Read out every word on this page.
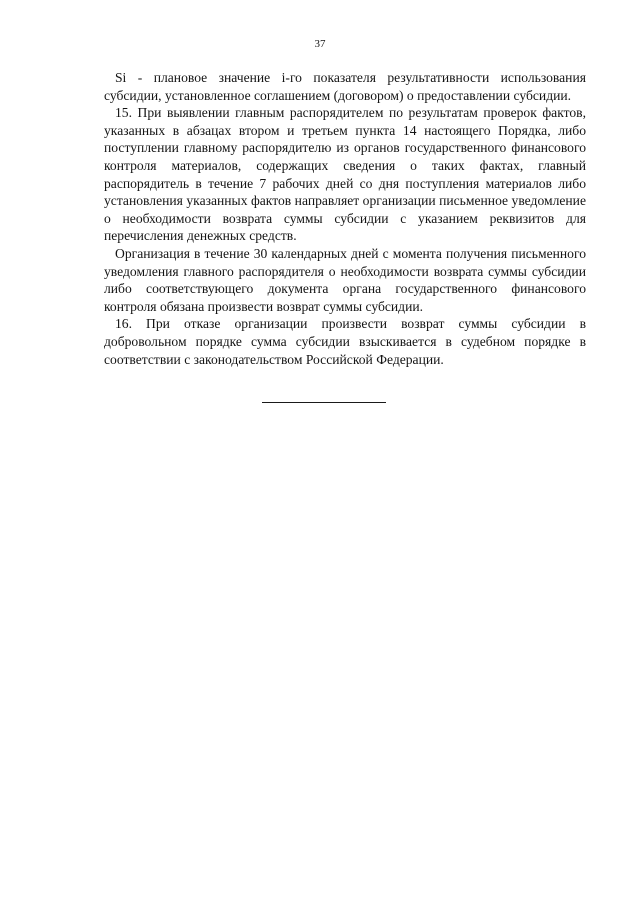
37

Si - плановое значение i-го показателя результативности использования субсидии, установленное соглашением (договором) о предоставлении субсидии.

15. При выявлении главным распорядителем по результатам проверок фактов, указанных в абзацах втором и третьем пункта 14 настоящего Порядка, либо поступлении главному распорядителю из органов государственного финансового контроля материалов, содержащих сведения о таких фактах, главный распорядитель в течение 7 рабочих дней со дня поступления материалов либо установления указанных фактов направляет организации письменное уведомление о необходимости возврата суммы субсидии с указанием реквизитов для перечисления денежных средств.

Организация в течение 30 календарных дней с момента получения письменного уведомления главного распорядителя о необходимости возврата суммы субсидии либо соответствующего документа органа государственного финансового контроля обязана произвести возврат суммы субсидии.

16. При отказе организации произвести возврат суммы субсидии в добровольном порядке сумма субсидии взыскивается в судебном порядке в соответствии с законодательством Российской Федерации.
